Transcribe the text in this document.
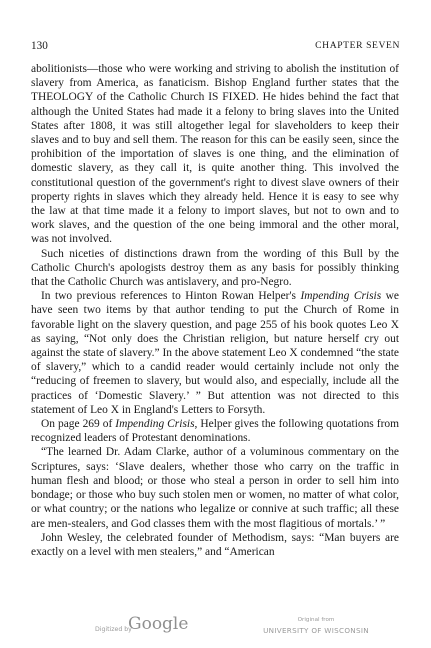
130	CHAPTER SEVEN

abolitionists—those who were working and striving to abolish the institution of slavery from America, as fanaticism. Bishop England further states that the THEOLOGY of the Catholic Church IS FIXED. He hides behind the fact that although the United States had made it a felony to bring slaves into the United States after 1808, it was still altogether legal for slaveholders to keep their slaves and to buy and sell them. The reason for this can be easily seen, since the prohibition of the importation of slaves is one thing, and the elimination of domestic slavery, as they call it, is quite another thing. This involved the constitutional question of the government's right to divest slave owners of their property rights in slaves which they already held. Hence it is easy to see why the law at that time made it a felony to import slaves, but not to own and to work slaves, and the question of the one being immoral and the other moral, was not involved.

Such niceties of distinctions drawn from the wording of this Bull by the Catholic Church's apologists destroy them as any basis for possibly thinking that the Catholic Church was antislavery, and pro-Negro.

In two previous references to Hinton Rowan Helper's Impending Crisis we have seen two items by that author tending to put the Church of Rome in favorable light on the slavery question, and page 255 of his book quotes Leo X as saying, “Not only does the Christian religion, but nature herself cry out against the state of slavery.” In the above statement Leo X condemned “the state of slavery,” which to a candid reader would certainly include not only the “reducing of freemen to slavery, but would also, and especially, include all the practices of ‘Domestic Slavery.’ ” But attention was not directed to this statement of Leo X in England's Letters to Forsyth.

On page 269 of Impending Crisis, Helper gives the following quotations from recognized leaders of Protestant denominations.

“The learned Dr. Adam Clarke, author of a voluminous commentary on the Scriptures, says: ‘Slave dealers, whether those who carry on the traffic in human flesh and blood; or those who steal a person in order to sell him into bondage; or those who buy such stolen men or women, no matter of what color, or what country; or the nations who legalize or connive at such traffic; all these are men-stealers, and God classes them with the most flagitious of mortals.’ ”

John Wesley, the celebrated founder of Methodism, says: “Man buyers are exactly on a level with men stealers,” and “American

Digitized by
Google	Original from
UNIVERSITY OF WISCONSIN
